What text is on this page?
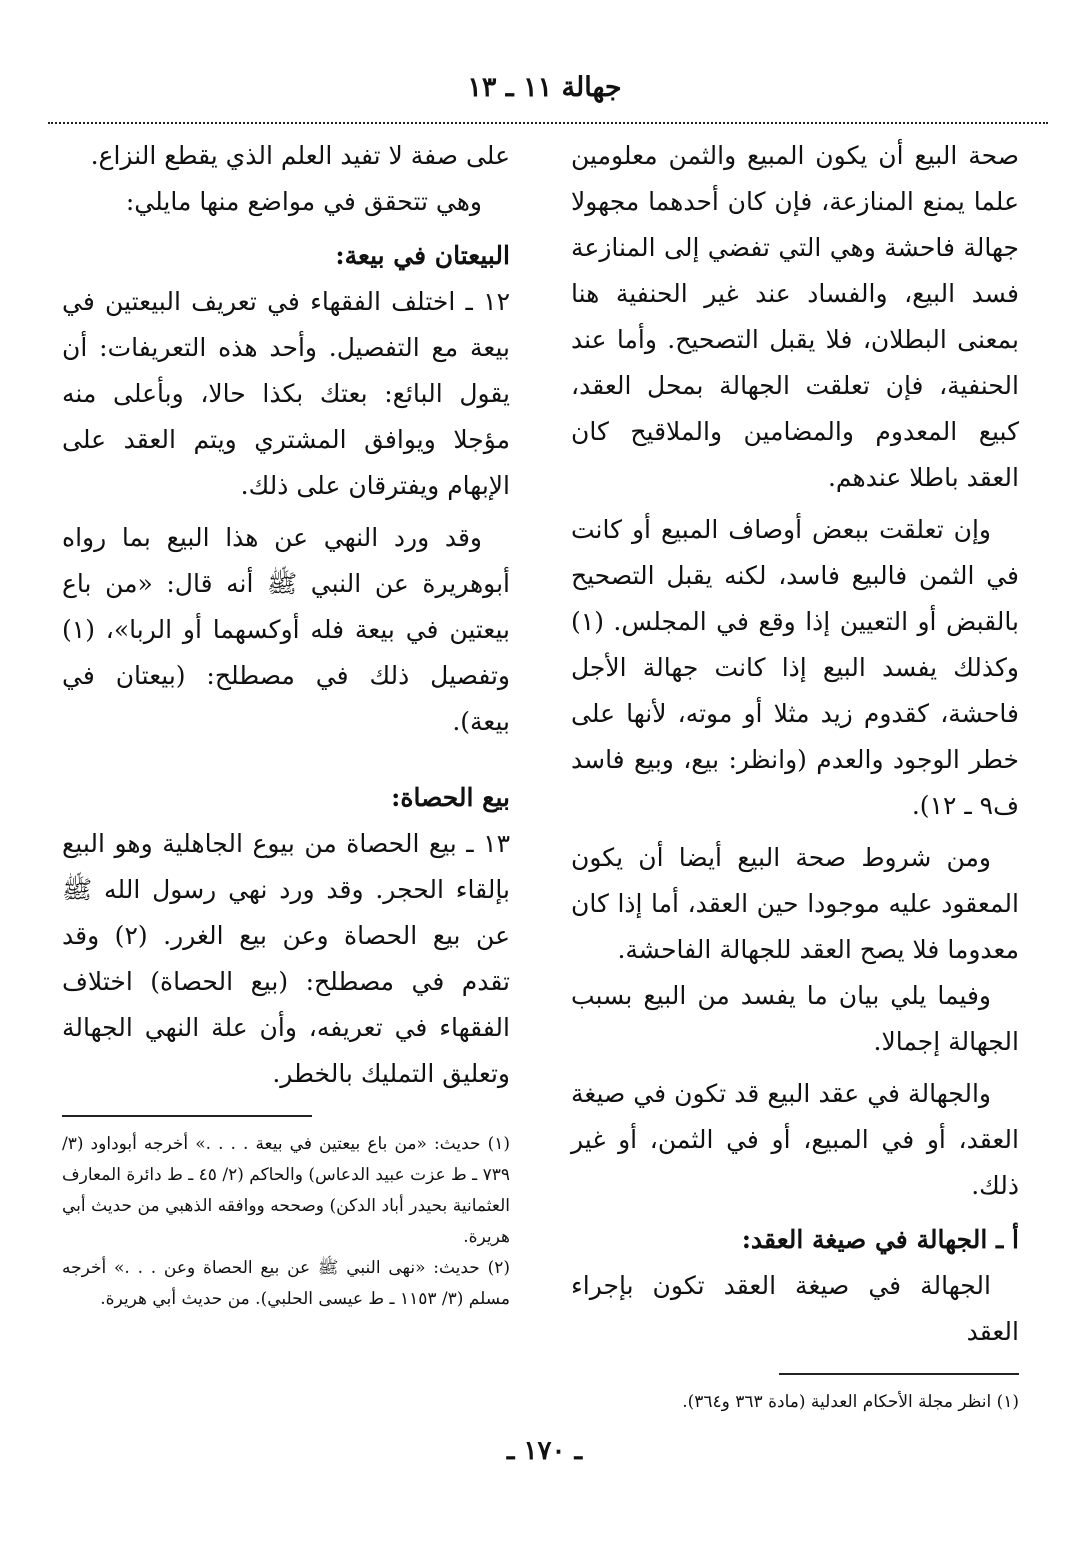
جهالة ١١ ـ ١٣

صحة البيع أن يكون المبيع والثمن معلومين علما يمنع المنازعة، فإن كان أحدهما مجهولا جهالة فاحشة وهي التي تفضي إلى المنازعة فسد البيع، والفساد عند غير الحنفية هنا بمعنى البطلان، فلا يقبل التصحيح. وأما عند الحنفية، فإن تعلقت الجهالة بمحل العقد، كبيع المعدوم والمضامين والملاقيح كان العقد باطلا عندهم.

وإن تعلقت ببعض أوصاف المبيع أو كانت في الثمن فالبيع فاسد، لكنه يقبل التصحيح بالقبض أو التعيين إذا وقع في المجلس. (١) وكذلك يفسد البيع إذا كانت جهالة الأجل فاحشة، كقدوم زيد مثلا أو موته، لأنها على خطر الوجود والعدم (وانظر: بيع، وبيع فاسد ف٩ ـ ١٢).

ومن شروط صحة البيع أيضا أن يكون المعقود عليه موجودا حين العقد، أما إذا كان معدوما فلا يصح العقد للجهالة الفاحشة.

وفيما يلي بيان ما يفسد من البيع بسبب الجهالة إجمالا.

والجهالة في عقد البيع قد تكون في صيغة العقد، أو في المبيع، أو في الثمن، أو غير ذلك.

أ ـ الجهالة في صيغة العقد:

الجهالة في صيغة العقد تكون بإجراء العقد

(١) انظر مجلة الأحكام العدلية (مادة ٣٦٣ و٣٦٤).

على صفة لا تفيد العلم الذي يقطع النزاع.

وهي تتحقق في مواضع منها مايلي:

البيعتان في بيعة:

١٢ ـ اختلف الفقهاء في تعريف البيعتين في بيعة مع التفصيل. وأحد هذه التعريفات: أن يقول البائع: بعتك بكذا حالا، وبأعلى منه مؤجلا ويوافق المشتري ويتم العقد على الإبهام ويفترقان على ذلك.

وقد ورد النهي عن هذا البيع بما رواه أبوهريرة عن النبي ﷺ أنه قال: «من باع بيعتين في بيعة فله أوكسهما أو الربا»، (١) وتفصيل ذلك في مصطلح: (بيعتان في بيعة).

بيع الحصاة:

١٣ ـ بيع الحصاة من بيوع الجاهلية وهو البيع بإلقاء الحجر. وقد ورد نهي رسول الله ﷺ عن بيع الحصاة وعن بيع الغرر. (٢) وقد تقدم في مصطلح: (بيع الحصاة) اختلاف الفقهاء في تعريفه، وأن علة النهي الجهالة وتعليق التمليك بالخطر.

(١) حديث: «من باع بيعتين في بيعة . . . .» أخرجه أبوداود (٣/ ٧٣٩ ـ ط عزت عبيد الدعاس) والحاكم (٢/ ٤٥ ـ ط دائرة المعارف العثمانية بحيدر أباد الدكن) وصححه ووافقه الذهبي من حديث أبي هريرة.

(٢) حديث: «نهى النبي ﷺ عن بيع الحصاة وعن . . .» أخرجه مسلم (٣/ ١١٥٣ ـ ط عيسى الحلبي). من حديث أبي هريرة.

ـ ١٧٠ ـ
